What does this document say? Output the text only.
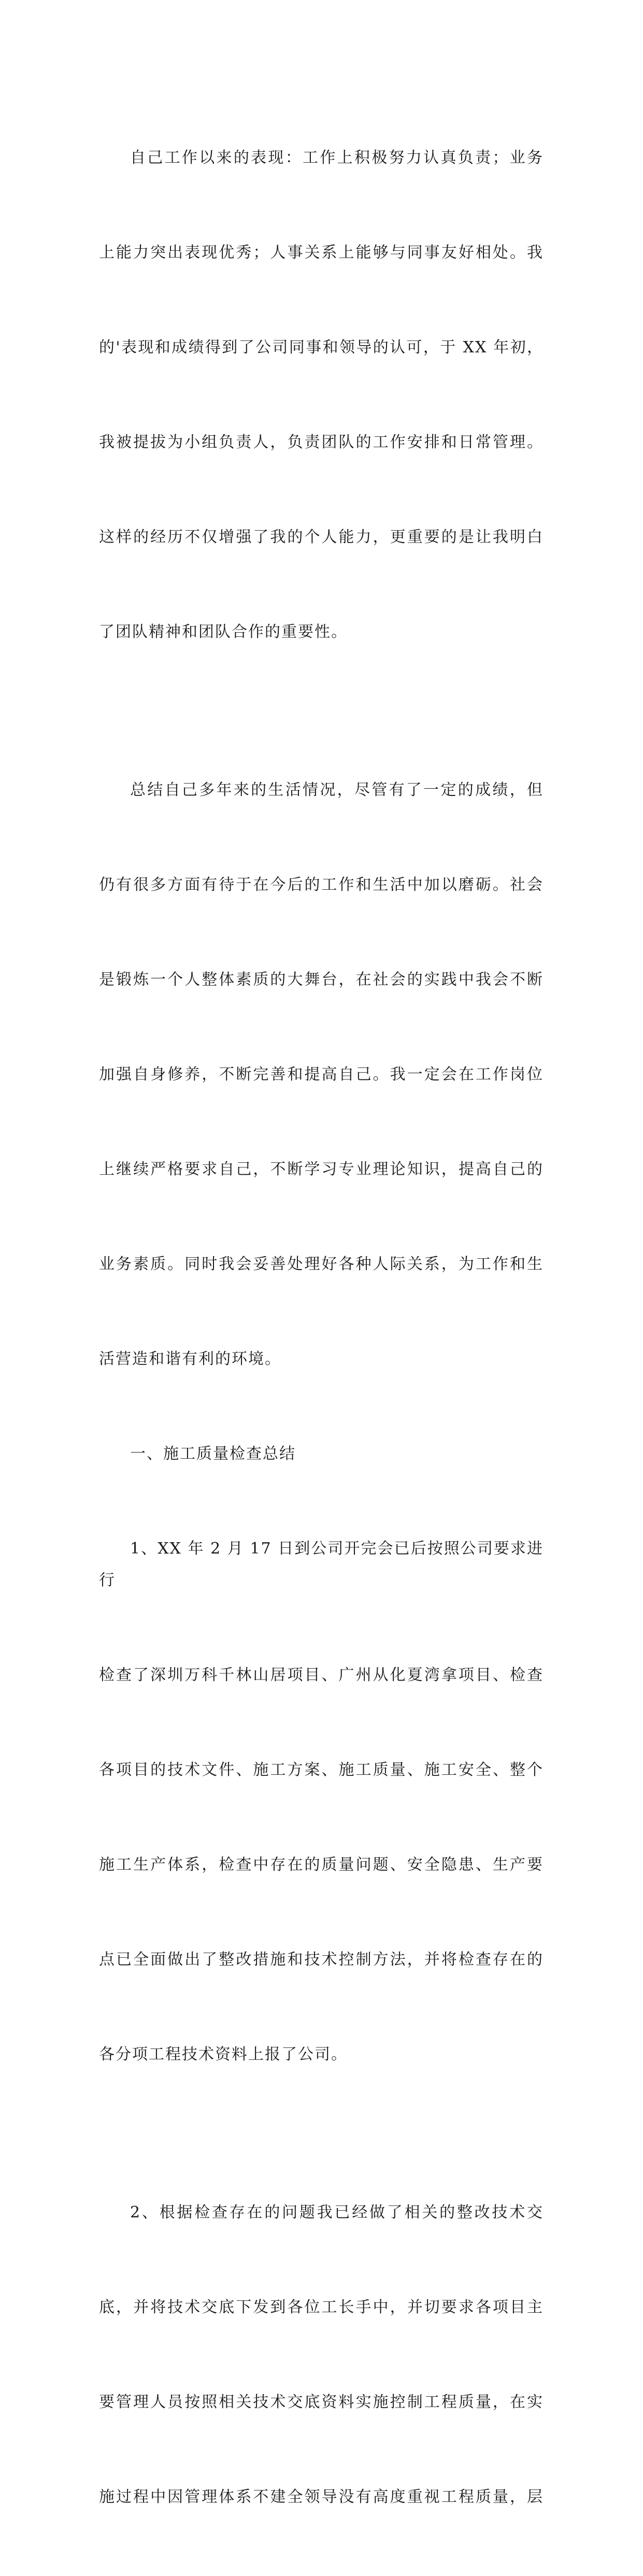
自己工作以来的表现：工作上积极努力认真负责；业务

上能力突出表现优秀；人事关系上能够与同事友好相处。我

的'表现和成绩得到了公司同事和领导的认可，于 XX 年初，

我被提拔为小组负责人，负责团队的工作安排和日常管理。

这样的经历不仅增强了我的个人能力，更重要的是让我明白

了团队精神和团队合作的重要性。

总结自己多年来的生活情况，尽管有了一定的成绩，但

仍有很多方面有待于在今后的工作和生活中加以磨砺。社会

是锻炼一个人整体素质的大舞台，在社会的实践中我会不断

加强自身修养，不断完善和提高自己。我一定会在工作岗位

上继续严格要求自己，不断学习专业理论知识，提高自己的

业务素质。同时我会妥善处理好各种人际关系，为工作和生

活营造和谐有利的环境。

一、施工质量检查总结

1、XX 年 2 月 17 日到公司开完会已后按照公司要求进行

检查了深圳万科千林山居项目、广州从化夏湾拿项目、检查

各项目的技术文件、施工方案、施工质量、施工安全、整个

施工生产体系，检查中存在的质量问题、安全隐患、生产要

点已全面做出了整改措施和技术控制方法，并将检查存在的

各分项工程技术资料上报了公司。

2、根据检查存在的问题我已经做了相关的整改技术交

底，并将技术交底下发到各位工长手中，并切要求各项目主

要管理人员按照相关技术交底资料实施控制工程质量，在实

施过程中因管理体系不建全领导没有高度重视工程质量，层
